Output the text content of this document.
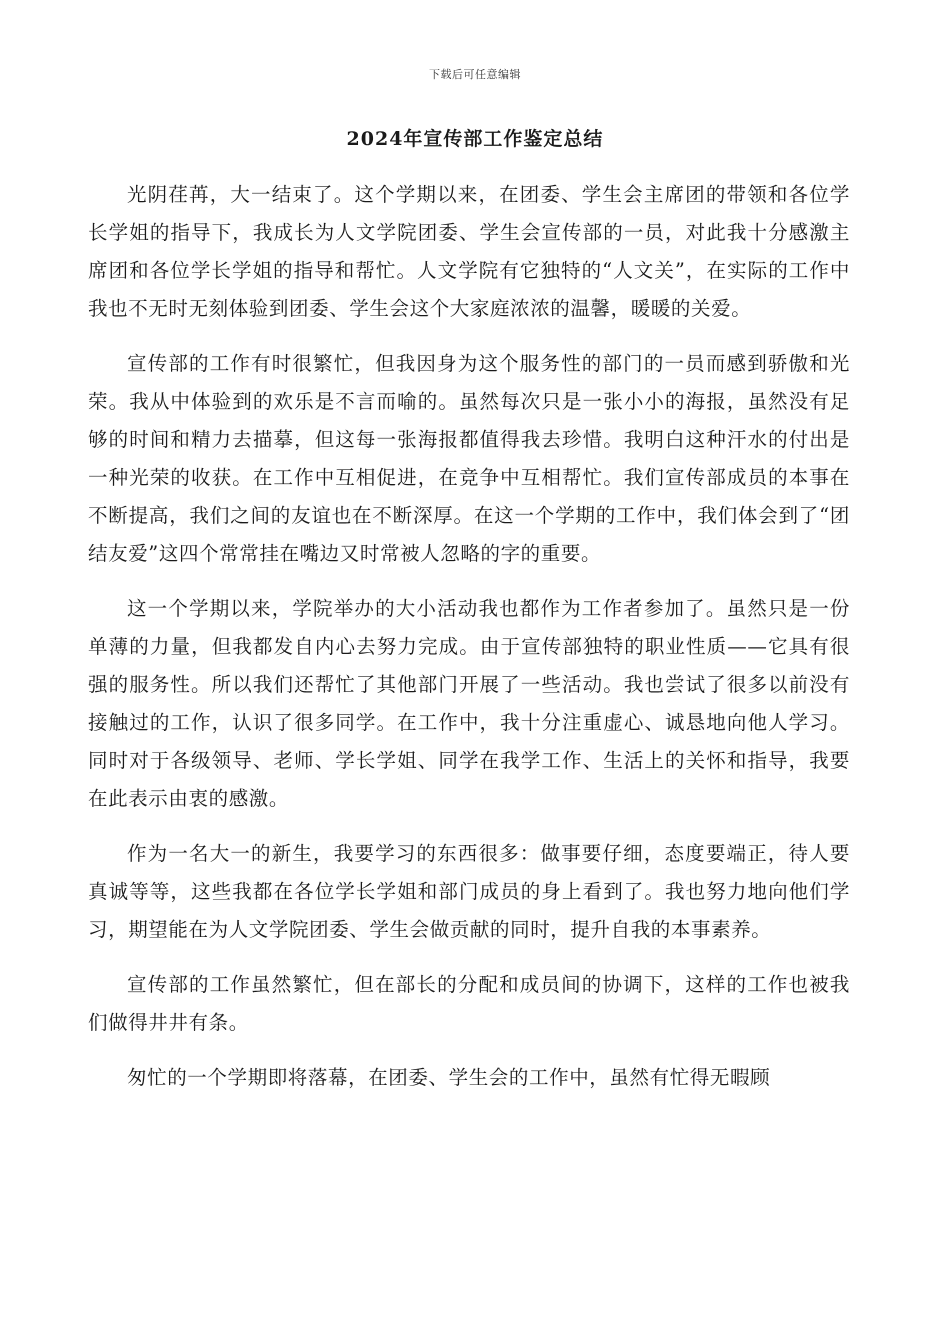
下载后可任意编辑
2024年宣传部工作鉴定总结

光阴荏苒，大一结束了。这个学期以来，在团委、学生会主席团的带领和各位学长学姐的指导下，我成长为人文学院团委、学生会宣传部的一员，对此我十分感激主席团和各位学长学姐的指导和帮忙。人文学院有它独特的“人文关”，在实际的工作中我也不无时无刻体验到团委、学生会这个大家庭浓浓的温馨，暖暖的关爱。

宣传部的工作有时很繁忙，但我因身为这个服务性的部门的一员而感到骄傲和光荣。我从中体验到的欢乐是不言而喻的。虽然每次只是一张小小的海报，虽然没有足够的时间和精力去描摹，但这每一张海报都值得我去珍惜。我明白这种汗水的付出是一种光荣的收获。在工作中互相促进，在竞争中互相帮忙。我们宣传部成员的本事在不断提高，我们之间的友谊也在不断深厚。在这一个学期的工作中，我们体会到了“团结友爱”这四个常常挂在嘴边又时常被人忽略的字的重要。

这一个学期以来，学院举办的大小活动我也都作为工作者参加了。虽然只是一份单薄的力量，但我都发自内心去努力完成。由于宣传部独特的职业性质——它具有很强的服务性。所以我们还帮忙了其他部门开展了一些活动。我也尝试了很多以前没有接触过的工作，认识了很多同学。在工作中，我十分注重虚心、诚恳地向他人学习。同时对于各级领导、老师、学长学姐、同学在我学工作、生活上的关怀和指导，我要在此表示由衷的感激。

作为一名大一的新生，我要学习的东西很多：做事要仔细，态度要端正，待人要真诚等等，这些我都在各位学长学姐和部门成员的身上看到了。我也努力地向他们学习，期望能在为人文学院团委、学生会做贡献的同时，提升自我的本事素养。

宣传部的工作虽然繁忙，但在部长的分配和成员间的协调下，这样的工作也被我们做得井井有条。

匆忙的一个学期即将落幕，在团委、学生会的工作中，虽然有忙得无暇顾
